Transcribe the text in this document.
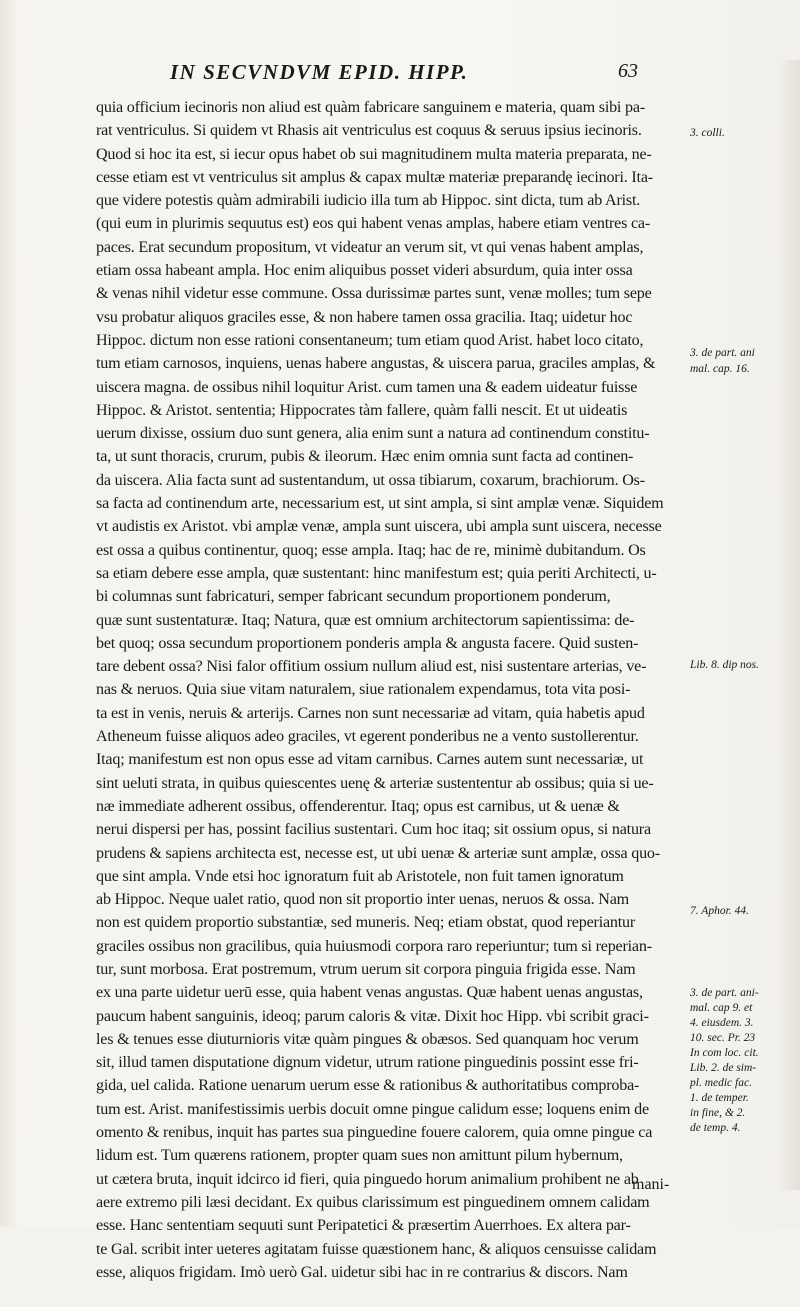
IN SECVNDVM EPID. HIPP.	63
quia officium iecinoris non aliud est quàm fabricare sanguinem e materia, quam sibi pa-
rat ventriculus. Si quidem vt Rhasis ait ventriculus est coquus & seruus ipsius iecinoris.
Quod si hoc ita est, si iecur opus habet ob sui magnitudinem multa materia preparata, ne-
cesse etiam est vt ventriculus sit amplus & capax multæ materiæ preparandę iecinori. Ita-
que videre potestis quàm admirabili iudicio illa tum ab Hippoc. sint dicta, tum ab Arist.
(qui eum in plurimis sequutus est) eos qui habent venas amplas, habere etiam ventres ca-
paces. Erat secundum propositum, vt videatur an verum sit, vt qui venas habent amplas,
etiam ossa habeant ampla. Hoc enim aliquibus posset videri absurdum, quia inter ossa
& venas nihil videtur esse commune. Ossa durissimæ partes sunt, venæ molles; tum sepe
vsu probatur aliquos graciles esse, & non habere tamen ossa gracilia. Itaq; uidetur hoc
Hippoc. dictum non esse rationi consentaneum; tum etiam quod Arist. habet loco citato,
tum etiam carnosos, inquiens, uenas habere angustas, & uiscera parua, graciles amplas, &
uiscera magna. de ossibus nihil loquitur Arist. cum tamen una & eadem uideatur fuisse
Hippoc. & Aristot. sententia; Hippocrates tàm fallere, quàm falli nescit. Et ut uideatis
uerum dixisse, ossium duo sunt genera, alia enim sunt a natura ad continendum constitu-
ta, ut sunt thoracis, crurum, pubis & ileorum. Hæc enim omnia sunt facta ad continen-
da uiscera. Alia facta sunt ad sustentandum, ut ossa tibiarum, coxarum, brachiorum. Os-
sa facta ad continendum arte, necessarium est, ut sint ampla, si sint amplæ venæ. Siquidem
vt audistis ex Aristot. vbi amplæ venæ, ampla sunt uiscera, ubi ampla sunt uiscera, necesse
est ossa a quibus continentur, quoq; esse ampla. Itaq; hac de re, minimè dubitandum. Os
sa etiam debere esse ampla, quæ sustentant: hinc manifestum est; quia periti Architecti, u-
bi columnas sunt fabricaturi, semper fabricant secundum proportionem ponderum,
quæ sunt sustentaturæ. Itaq; Natura, quæ est omnium architectorum sapientissima: de-
bet quoq; ossa secundum proportionem ponderis ampla & angusta facere. Quid susten-
tare debent ossa? Nisi falor offitium ossium nullum aliud est, nisi sustentare arterias, ve-
nas & neruos. Quia siue vitam naturalem, siue rationalem expendamus, tota vita posi-
ta est in venis, neruis & arterijs. Carnes non sunt necessariæ ad vitam, quia habetis apud
Atheneum fuisse aliquos adeo graciles, vt egerent ponderibus ne a vento sustollerentur.
Itaq; manifestum est non opus esse ad vitam carnibus. Carnes autem sunt necessariæ, ut
sint ueluti strata, in quibus quiescentes uenę & arteriæ sustententur ab ossibus; quia si ue-
næ immediate adherent ossibus, offenderentur. Itaq; opus est carnibus, ut & uenæ &
nerui dispersi per has, possint facilius sustentari. Cum hoc itaq; sit ossium opus, si natura
prudens & sapiens architecta est, necesse est, ut ubi uenæ & arteriæ sunt amplæ, ossa quo-
que sint ampla. Vnde etsi hoc ignoratum fuit ab Aristotele, non fuit tamen ignoratum
ab Hippoc. Neque ualet ratio, quod non sit proportio inter uenas, neruos & ossa. Nam
non est quidem proportio substantiæ, sed muneris. Neq; etiam obstat, quod reperiantur
graciles ossibus non gracilibus, quia huiusmodi corpora raro reperiuntur; tum si reperian-
tur, sunt morbosa. Erat postremum, vtrum uerum sit corpora pinguia frigida esse. Nam
ex una parte uidetur uerū esse, quia habent venas angustas. Quæ habent uenas angustas,
paucum habent sanguinis, ideoq; parum caloris & vitæ. Dixit hoc Hipp. vbi scribit graci-
les & tenues esse diuturnioris vitæ quàm pingues & obæsos. Sed quanquam hoc verum
sit, illud tamen disputatione dignum videtur, utrum ratione pinguedinis possint esse fri-
gida, uel calida. Ratione uenarum uerum esse & rationibus & authoritatibus comproba-
tum est. Arist. manifestissimis uerbis docuit omne pingue calidum esse; loquens enim de
omento & renibus, inquit has partes sua pinguedine fouere calorem, quia omne pingue ca
lidum est. Tum quærens rationem, propter quam sues non amittunt pilum hybernum,
ut cætera bruta, inquit idcirco id fieri, quia pinguedo horum animalium prohibent ne ab
aere extremo pili læsi decidant. Ex quibus clarissimum est pinguedinem omnem calidam
esse. Hanc sententiam sequuti sunt Peripatetici & præsertim Auerrhoes. Ex altera par-
te Gal. scribit inter ueteres agitatam fuisse quæstionem hanc, & aliquos censuisse calidam
esse, aliquos frigidam. Imò uerò Gal. uidetur sibi hac in re contrarius & discors. Nam
3. colli.
3. de part. ani
mal. cap. 16.
Lib. 8. dip nos.
7. Aphor. 44.
3. de part. ani-
mal. cap 9. et
4. eiusdem. 3.
10. sec. Pr. 23
In com loc. cit.
Lib. 2. de sim-
pl. medic fac.
1. de temper.
in fine, & 2.
de temp. 4.
mani-
